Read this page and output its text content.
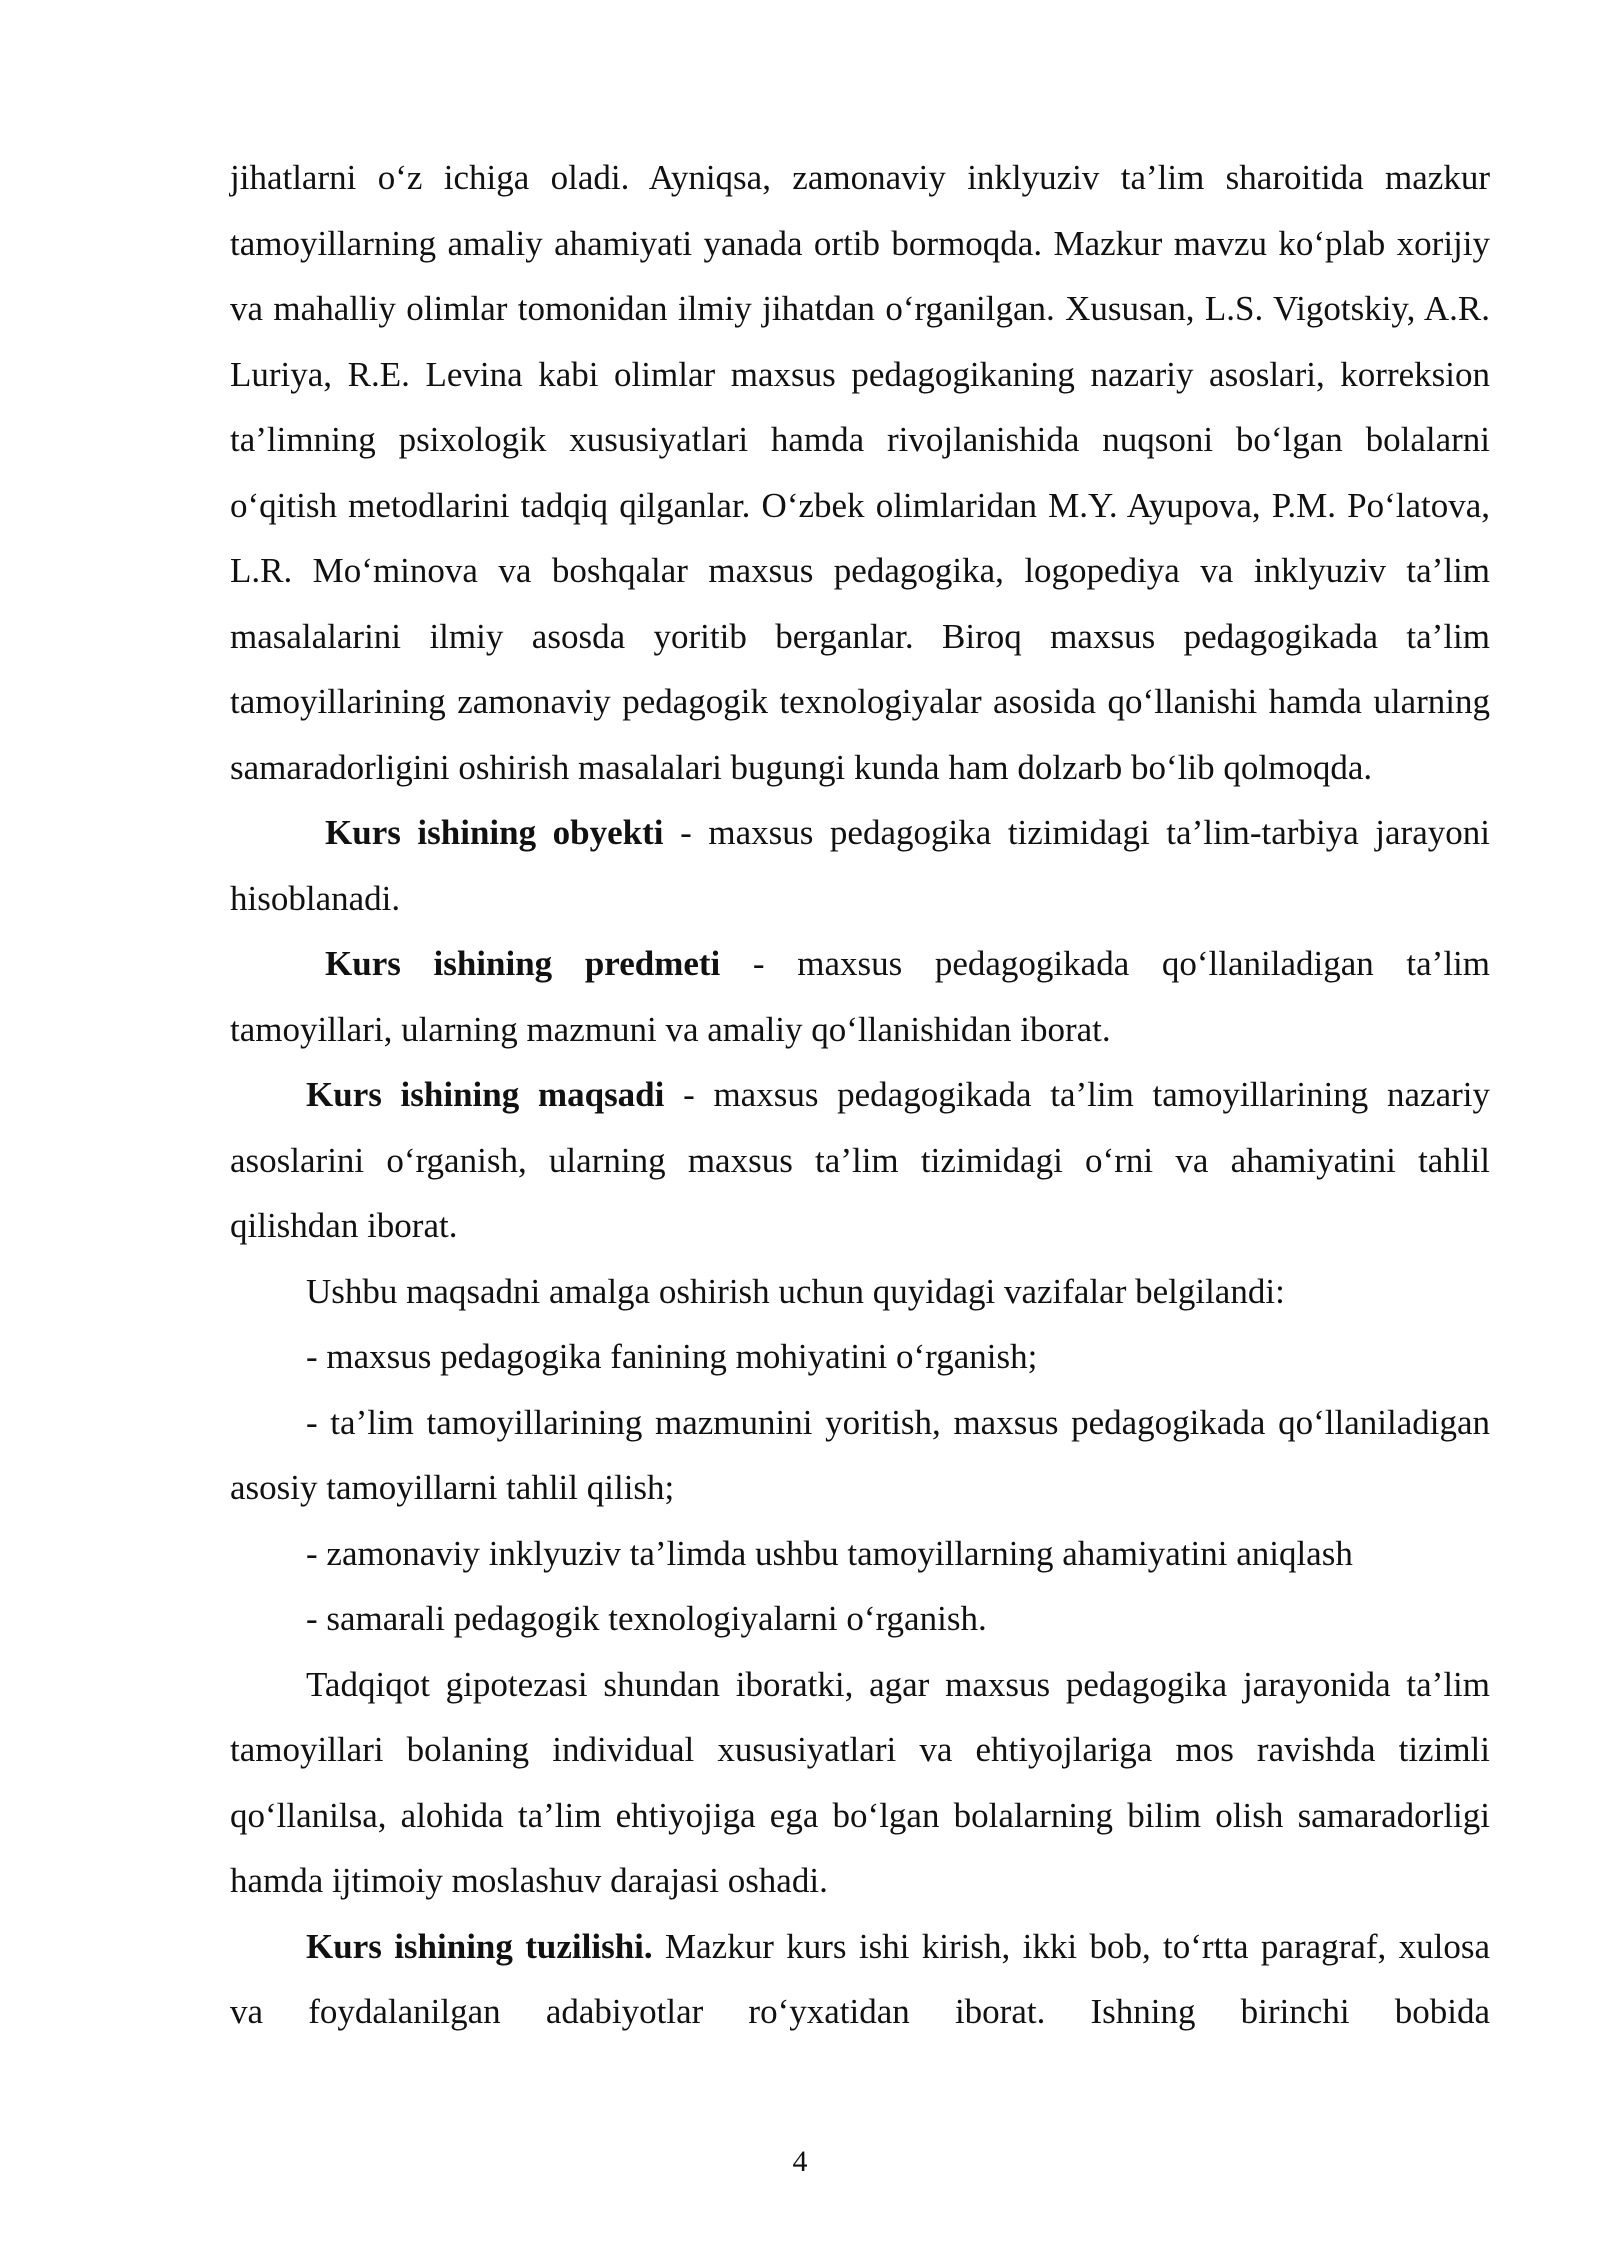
jihatlarni o‘z ichiga oladi. Ayniqsa, zamonaviy inklyuziv ta’lim sharoitida mazkur tamoyillarning amaliy ahamiyati yanada ortib bormoqda. Mazkur mavzu ko‘plab xorijiy va mahalliy olimlar tomonidan ilmiy jihatdan o‘rganilgan. Xususan, L.S. Vigotskiy, A.R. Luriya, R.E. Levina kabi olimlar maxsus pedagogikaning nazariy asoslari, korreksion ta’limning psixologik xususiyatlari hamda rivojlanishida nuqsoni bo‘lgan bolalarni o‘qitish metodlarini tadqiq qilganlar. O‘zbek olimlaridan M.Y. Ayupova, P.M. Po‘latova, L.R. Mo‘minova va boshqalar maxsus pedagogika, logopediya va inklyuziv ta’lim masalalarini ilmiy asosda yoritib berganlar. Biroq maxsus pedagogikada ta’lim tamoyillarining zamonaviy pedagogik texnologiyalar asosida qo‘llanishi hamda ularning samaradorligini oshirish masalalari bugungi kunda ham dolzarb bo‘lib qolmoqda.

Kurs ishining obyekti - maxsus pedagogika tizimidagi ta’lim-tarbiya jarayoni hisoblanadi.

Kurs ishining predmeti - maxsus pedagogikada qo‘llaniladigan ta’lim tamoyillari, ularning mazmuni va amaliy qo‘llanishidan iborat.

Kurs ishining maqsadi - maxsus pedagogikada ta’lim tamoyillarining nazariy asoslarini o‘rganish, ularning maxsus ta’lim tizimidagi o‘rni va ahamiyatini tahlil qilishdan iborat.

Ushbu maqsadni amalga oshirish uchun quyidagi vazifalar belgilandi:

- maxsus pedagogika fanining mohiyatini o‘rganish;

- ta’lim tamoyillarining mazmunini yoritish, maxsus pedagogikada qo‘llaniladigan asosiy tamoyillarni tahlil qilish;

- zamonaviy inklyuziv ta’limda ushbu tamoyillarning ahamiyatini aniqlash

- samarali pedagogik texnologiyalarni o‘rganish.

Tadqiqot gipotezasi shundan iboratki, agar maxsus pedagogika jarayonida ta’lim tamoyillari bolaning individual xususiyatlari va ehtiyojlariga mos ravishda tizimli qo‘llanilsa, alohida ta’lim ehtiyojiga ega bo‘lgan bolalarning bilim olish samaradorligi hamda ijtimoiy moslashuv darajasi oshadi.

Kurs ishining tuzilishi. Mazkur kurs ishi kirish, ikki bob, to‘rtta paragraf, xulosa va foydalanilgan adabiyotlar ro‘yxatidan iborat. Ishning birinchi bobida

4
